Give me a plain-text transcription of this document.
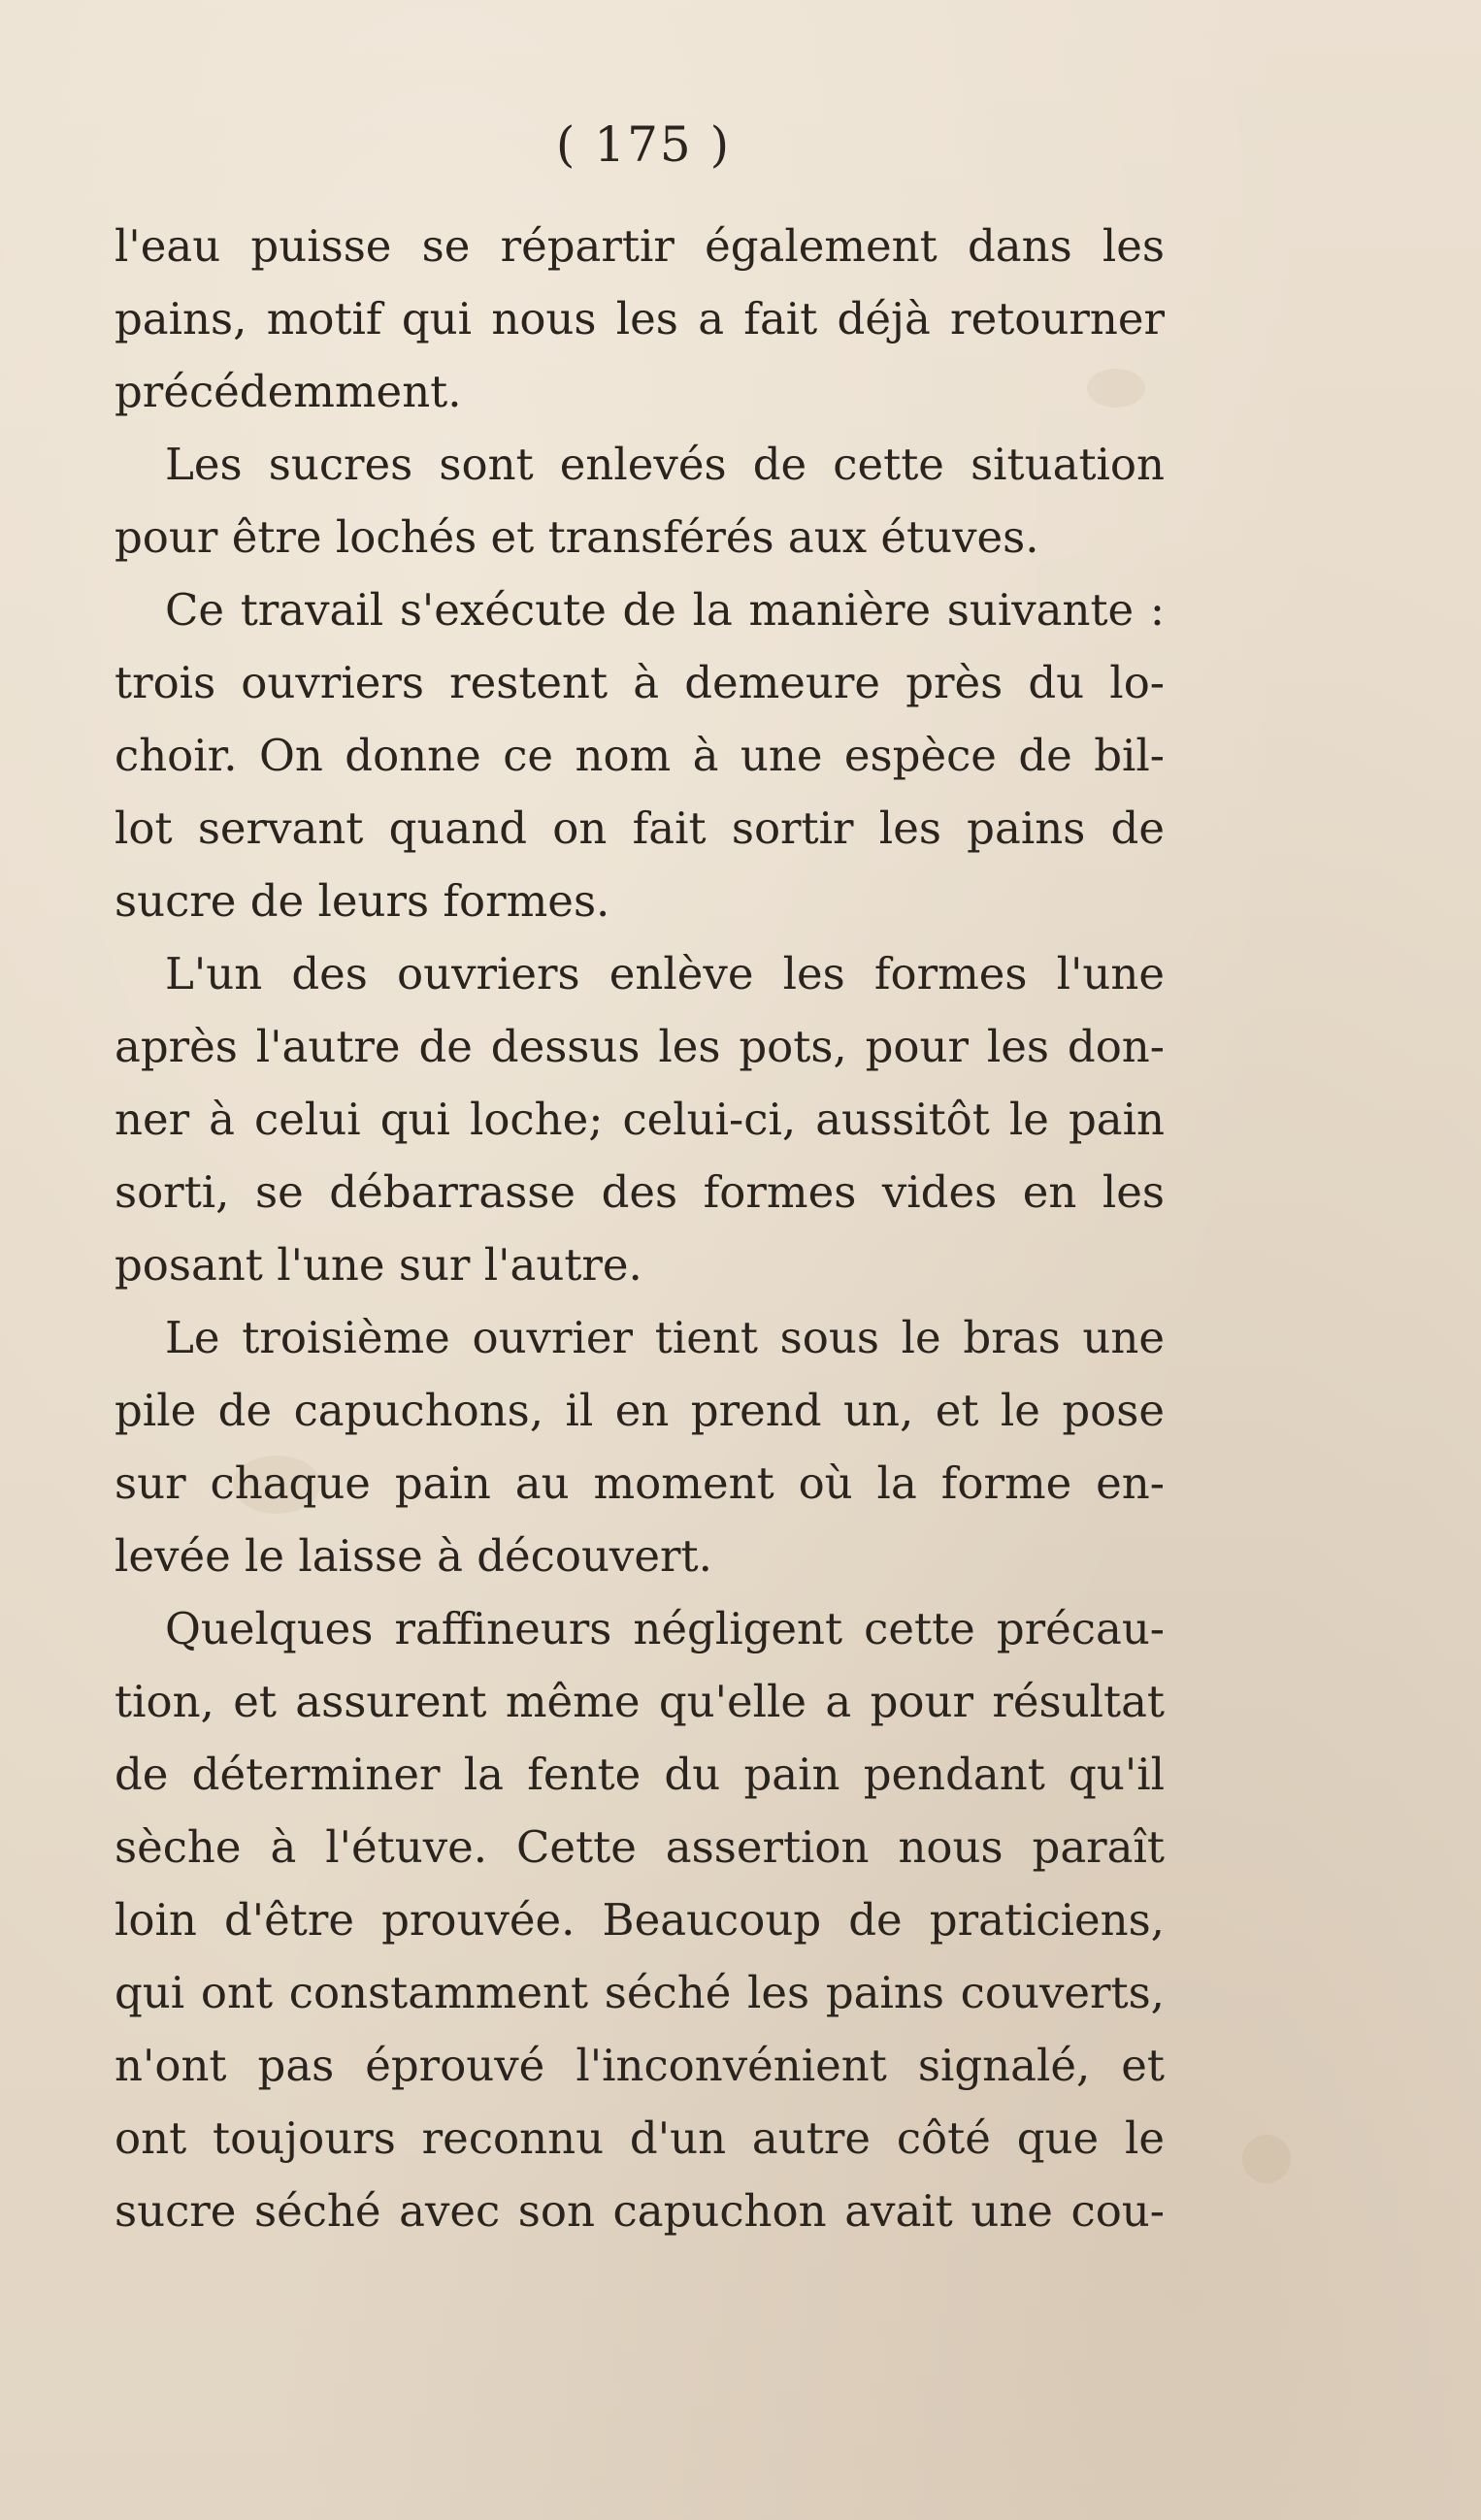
( 175 )
l'eau puisse se répartir également dans les
pains, motif qui nous les a fait déjà retourner
précédemment.
Les sucres sont enlevés de cette situation
pour être lochés et transférés aux étuves.
Ce travail s'exécute de la manière suivante :
trois ouvriers restent à demeure près du lo-
choir. On donne ce nom à une espèce de bil-
lot servant quand on fait sortir les pains de
sucre de leurs formes.
L'un des ouvriers enlève les formes l'une
après l'autre de dessus les pots, pour les don-
ner à celui qui loche; celui-ci, aussitôt le pain
sorti, se débarrasse des formes vides en les
posant l'une sur l'autre.
Le troisième ouvrier tient sous le bras une
pile de capuchons, il en prend un, et le pose
sur chaque pain au moment où la forme en-
levée le laisse à découvert.
Quelques raffineurs négligent cette précau-
tion, et assurent même qu'elle a pour résultat
de déterminer la fente du pain pendant qu'il
sèche à l'étuve. Cette assertion nous paraît
loin d'être prouvée. Beaucoup de praticiens,
qui ont constamment séché les pains couverts,
n'ont pas éprouvé l'inconvénient signalé, et
ont toujours reconnu d'un autre côté que le
sucre séché avec son capuchon avait une cou-
